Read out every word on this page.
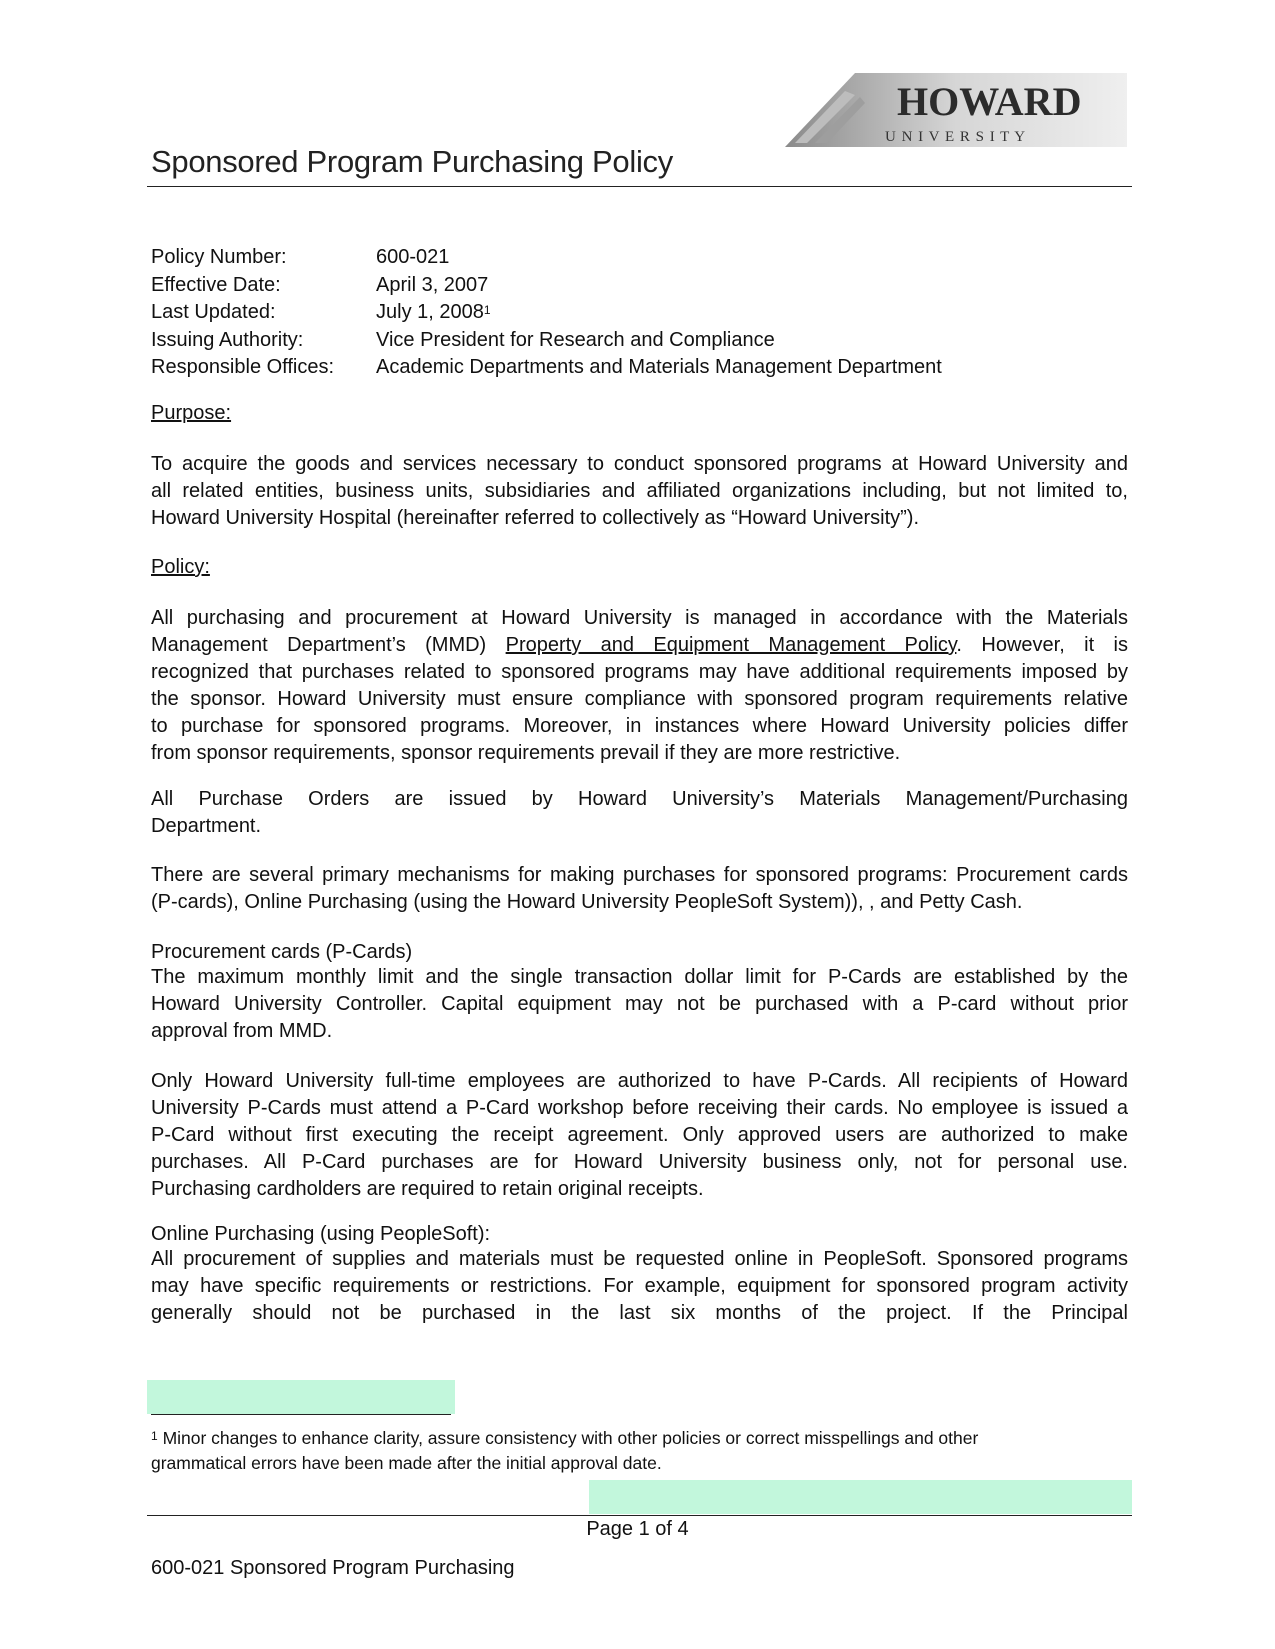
HOWARD
U N I V E R S I T Y
Sponsored Program Purchasing Policy
Policy Number:	600-021
Effective Date:	April 3, 2007
Last Updated:	July 1, 2008$^1$
Issuing Authority:	Vice President for Research and Compliance
Responsible Offices:	Academic Departments and Materials Management Department
Purpose:
To acquire the goods and services necessary to conduct sponsored programs at Howard University and
all related entities, business units, subsidiaries and affiliated organizations including, but not limited to,
Howard University Hospital (hereinafter referred to collectively as “Howard University”).
Policy:
All purchasing and procurement at Howard University is managed in accordance with the Materials
Management Department’s (MMD) Property and Equipment Management Policy. However, it is
recognized that purchases related to sponsored programs may have additional requirements imposed by
the sponsor. Howard University must ensure compliance with sponsored program requirements relative
to purchase for sponsored programs. Moreover, in instances where Howard University policies differ
from sponsor requirements, sponsor requirements prevail if they are more restrictive.
All Purchase Orders are issued by Howard University’s Materials Management/Purchasing
Department.
There are several primary mechanisms for making purchases for sponsored programs: Procurement cards
(P-cards), Online Purchasing (using the Howard University PeopleSoft System)), , and Petty Cash.
Procurement cards (P-Cards)
The maximum monthly limit and the single transaction dollar limit for P-Cards are established by the
Howard University Controller. Capital equipment may not be purchased with a P-card without prior
approval from MMD.
Only Howard University full-time employees are authorized to have P-Cards. All recipients of Howard
University P-Cards must attend a P-Card workshop before receiving their cards. No employee is issued a
P-Card without first executing the receipt agreement. Only approved users are authorized to make
purchases. All P-Card purchases are for Howard University business only, not for personal use.
Purchasing cardholders are required to retain original receipts.
Online Purchasing (using PeopleSoft):
All procurement of supplies and materials must be requested online in PeopleSoft. Sponsored programs
may have specific requirements or restrictions. For example, equipment for sponsored program activity
generally should not be purchased in the last six months of the project. If the Principal
$^1$ Minor changes to enhance clarity, assure consistency with other policies or correct misspellings and other
grammatical errors have been made after the initial approval date.
Page 1 of 4
600-021 Sponsored Program Purchasing
